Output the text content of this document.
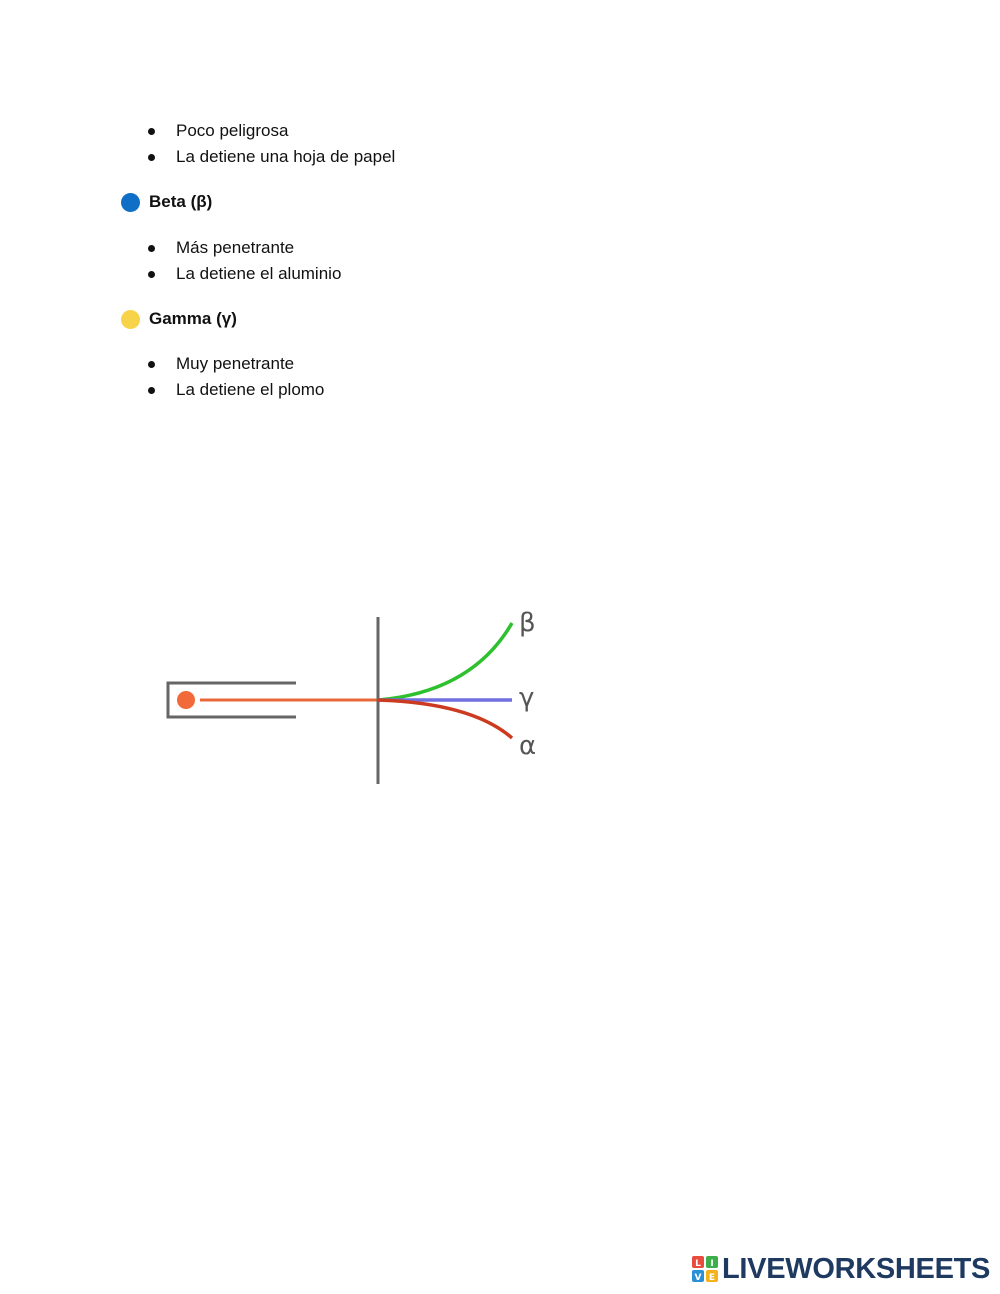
Poco peligrosa
La detiene una hoja de papel
Beta (β)
Más penetrante
La detiene el aluminio
Gamma (γ)
Muy penetrante
La detiene el plomo
β
γ
α
L I
V E LIVEWORKSHEETS
